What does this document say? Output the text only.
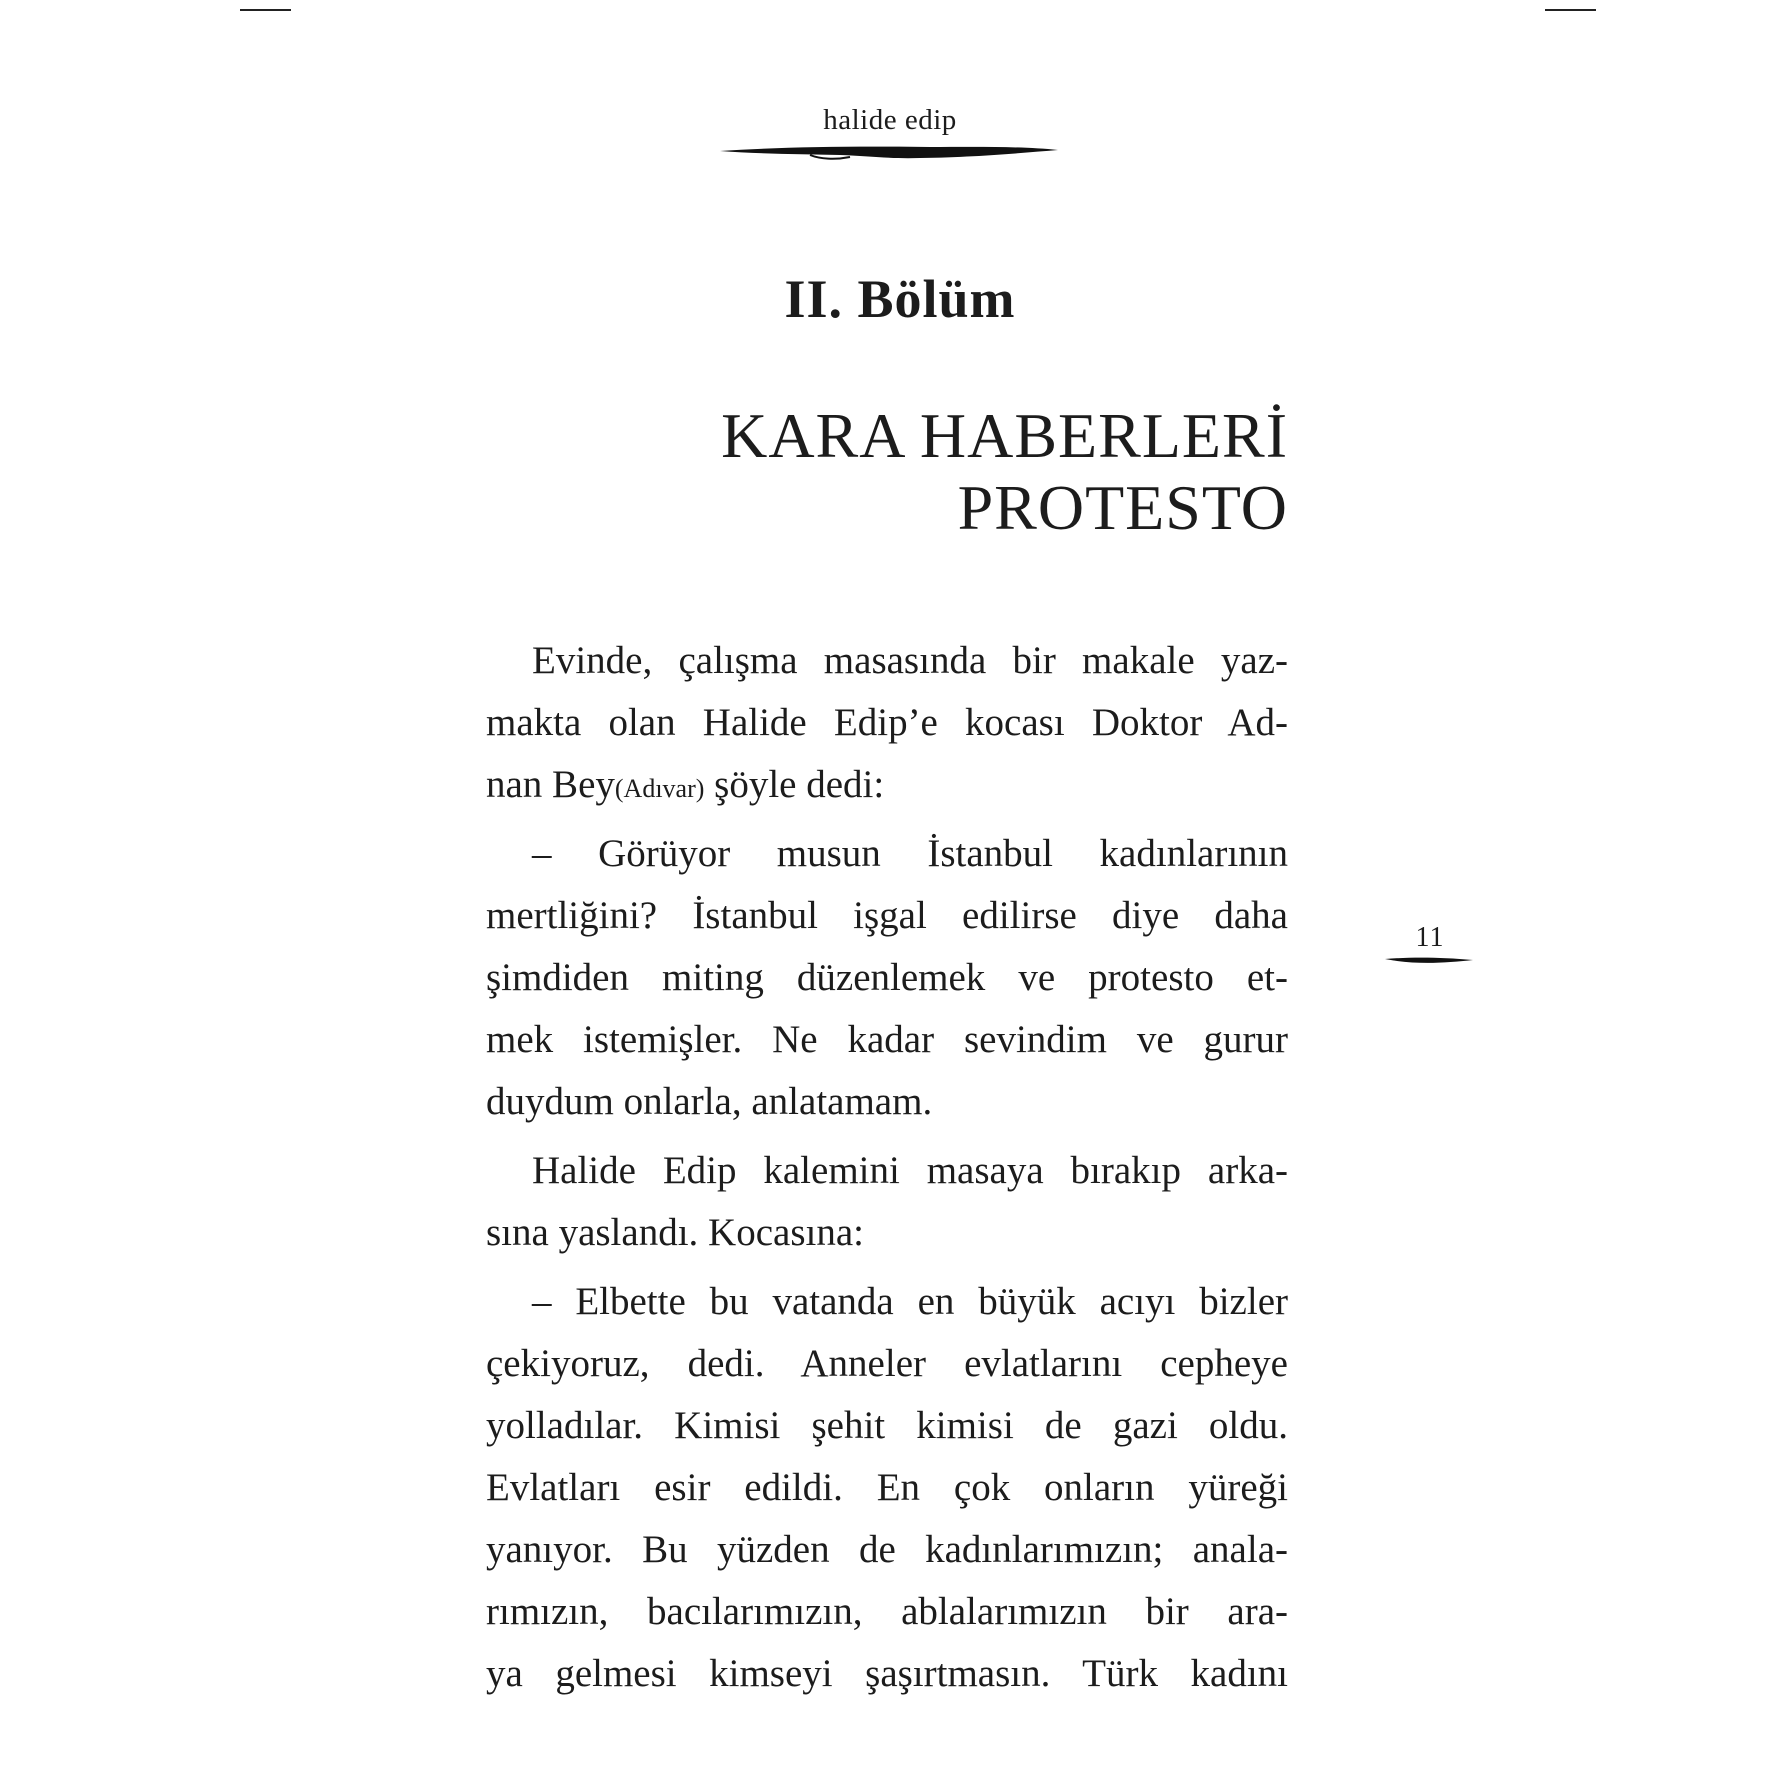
halide edip
11
II. Bölüm
KARA HABERLERİ
PROTESTO
Evinde, çalışma masasında bir makale yaz-
makta olan Halide Edip’e kocası Doktor Ad-
nan Bey(Adıvar) şöyle dedi:
– Görüyor musun İstanbul kadınlarının
mertliğini? İstanbul işgal edilirse diye daha
şimdiden miting düzenlemek ve protesto et-
mek istemişler. Ne kadar sevindim ve gurur
duydum onlarla, anlatamam.
Halide Edip kalemini masaya bırakıp arka-
sına yaslandı. Kocasına:
– Elbette bu vatanda en büyük acıyı bizler
çekiyoruz, dedi. Anneler evlatlarını cepheye
yolladılar. Kimisi şehit kimisi de gazi oldu.
Evlatları esir edildi. En çok onların yüreği
yanıyor. Bu yüzden de kadınlarımızın; anala-
rımızın, bacılarımızın, ablalarımızın bir ara-
ya gelmesi kimseyi şaşırtmasın. Türk kadını
